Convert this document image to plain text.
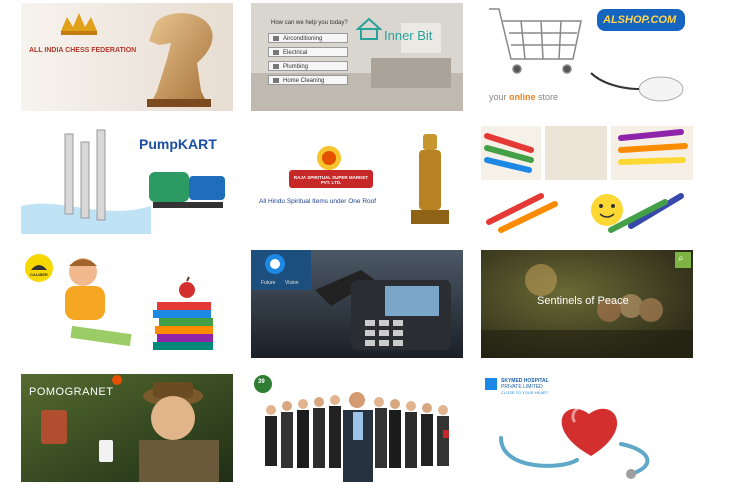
ALL INDIA CHESS FEDERATION
How can we help you today?
Airconditioning
Electrical
Plumbing
Home Cleaning
Inner Bit
ALSHOP.COM
your online store
PumpKART
RAJA SPIRITUAL SUPER MARKET PVT. LTD.
All Hindu Spiritual Items under One Roof
CALIBER
Future Vision
Sentinels of Peace
⌕
POMOGRANET
39	SKYMED HOSPITAL
PRIVATE LIMITED
CLOSE TO YOUR HEART
